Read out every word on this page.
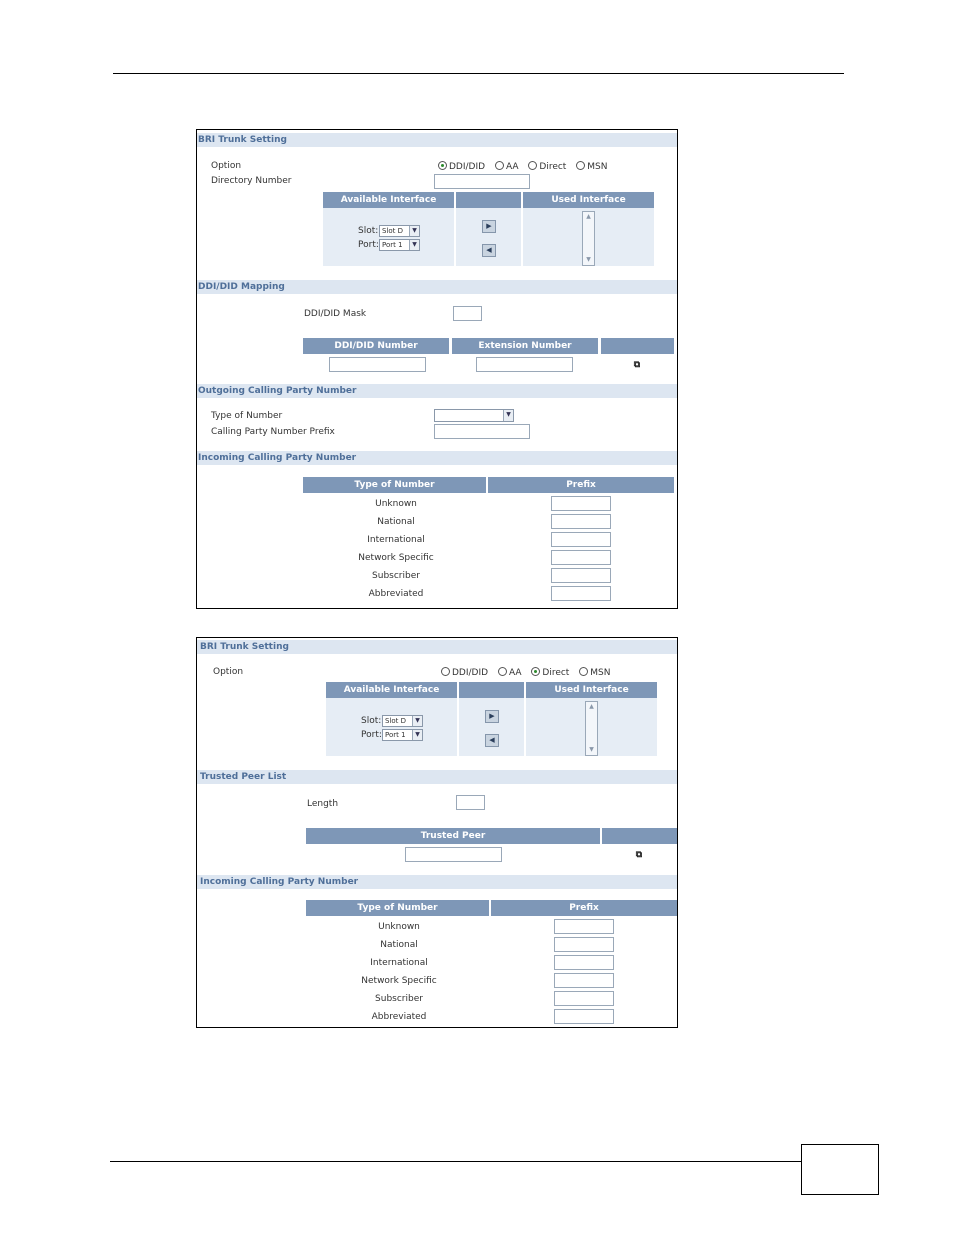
BRI Trunk Setting
Option	DDI/DID AA Direct MSN
Directory Number
Available Interface	Used Interface
Slot: Slot D	▼
Port: Port 1	▼
▶
◀
▲
▼
DDI/DID Mapping
DDI/DID Mask
DDI/DID Number	Extension Number
⧉
Outgoing Calling Party Number
Type of Number	▼
Calling Party Number Prefix
Incoming Calling Party Number
Type of Number	Prefix
Unknown
National
International
Network Specific
Subscriber
Abbreviated
BRI Trunk Setting
Option	DDI/DID AA Direct MSN
Available Interface	Used Interface
Slot: Slot D	▼
Port: Port 1	▼
▶
◀
▲
▼
Trusted Peer List
Length
Trusted Peer
⧉
Incoming Calling Party Number
Type of Number	Prefix
Unknown
National
International
Network Specific
Subscriber
Abbreviated
